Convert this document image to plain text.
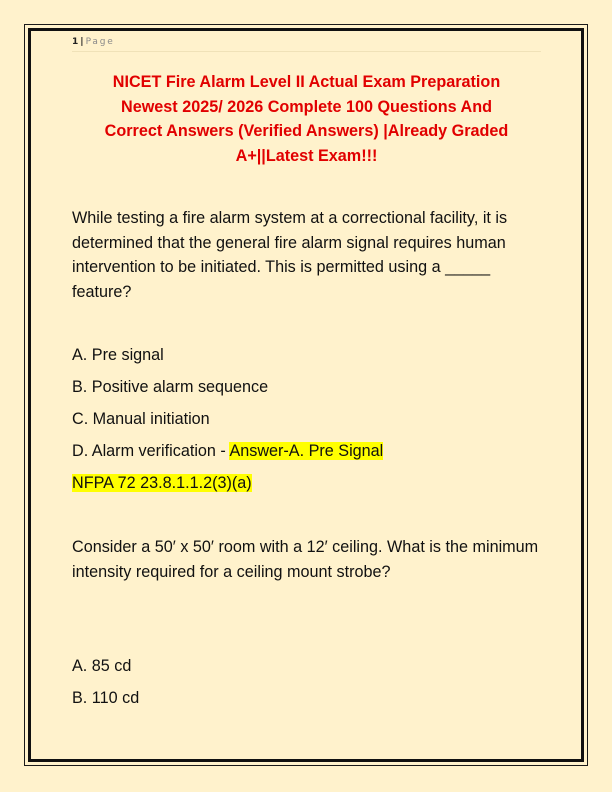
1 | Page
NICET Fire Alarm Level II Actual Exam Preparation
Newest 2025/ 2026 Complete 100 Questions And
Correct Answers (Verified Answers) |Already Graded
A+||Latest Exam!!!
While testing a fire alarm system at a correctional facility, it is determined that the general fire alarm signal requires human intervention to be initiated. This is permitted using a _____ feature?
A. Pre signal
B. Positive alarm sequence
C. Manual initiation
D. Alarm verification - Answer-A. Pre Signal
NFPA 72 23.8.1.1.2(3)(a)
Consider a 50′ x 50′ room with a 12′ ceiling. What is the minimum intensity required for a ceiling mount strobe?
A. 85 cd
B. 110 cd
